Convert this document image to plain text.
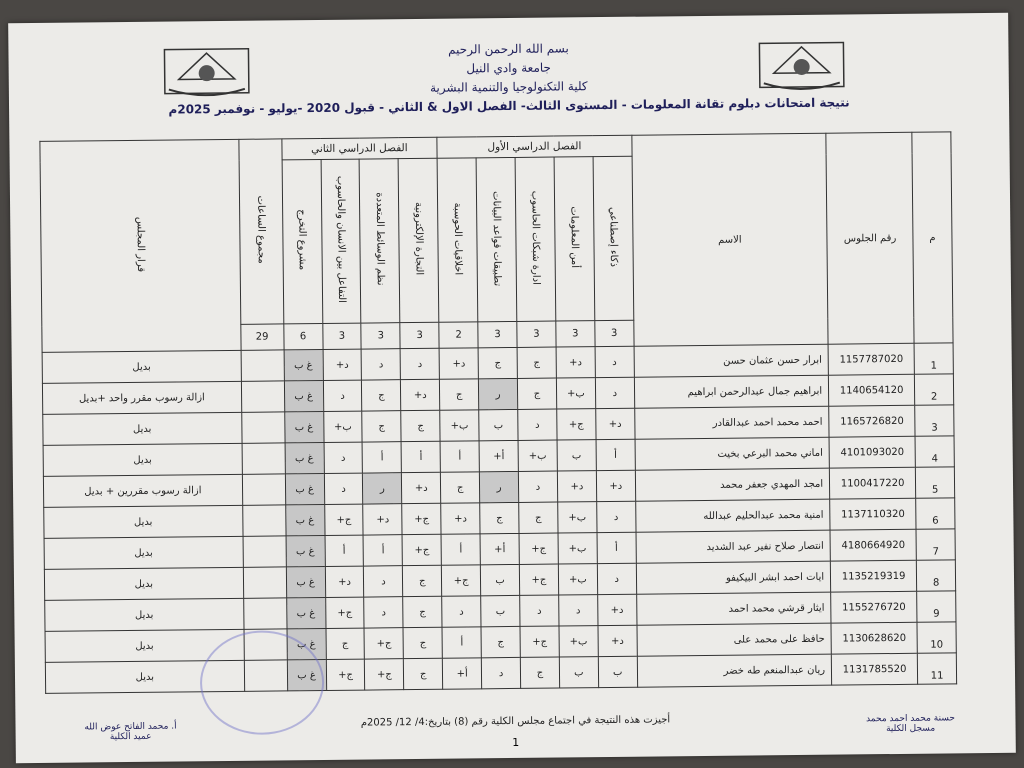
بسم الله الرحمن الرحيم
جامعة وادي النيل
كلية التكنولوجيا والتنمية البشرية
نتيجة امتحانات دبلوم تقانة المعلومات - المستوى الثالث- الفصل الاول & الثاني - قبول 2020 -يوليو - نوفمبر 2025م
م	رقم الجلوس	الاسم	الفصل الدراسي الأول					الفصل الدراسي الثاني				مجموع الساعات	قرار المجلس
			ذكاء إصطناعي	أمن المعلومات	ادارة شبكات الحاسوب	تطبيقات قواعد البيانات	اخلاقيات الحوسبة	التجارة الإلكترونية	نظم الوسائط المتعددة	التفاعل بين الانسان والحاسوب	مشروع التخرج		
			3	3	3	3	2	3	3	3	6	29	
1	1157787020	ابرار حسن عثمان حسن	د	د+	ج	ج	د+	د	د	د+	غ ب		بديل
2	1140654120	ابراهيم جمال عبدالرحمن ابراهيم	د	ب+	ج	ر	ج	د+	ج	د	غ ب		ازالة رسوب مقرر واحد +بديل
3	1165726820	احمد محمد احمد عبدالقادر	د+	ج+	د	ب	ب+	ج	ج	ب+	غ ب		بديل
4	4101093020	اماني محمد البرعي بخيت	أ	ب	ب+	أ+	أ	أ	أ	د	غ ب		بديل
5	1100417220	امجد المهدي جعفر محمد	د+	د+	د	ر	ج	د+	ر	د	غ ب		ازالة رسوب مقررين + بديل
6	1137110320	امنية محمد عبدالحليم عبدالله	د	ب+	ج	ج	د+	ج+	د+	ج+	غ ب		بديل
7	4180664920	انتصار صلاح نفير عبد الشديد	أ	ب+	ج+	أ+	أ	ج+	أ	أ	غ ب		بديل
8	1135219319	ايات احمد ابشر البيكيفو	د	ب+	ج+	ب	ج+	ج	د	د+	غ ب		بديل
9	1155276720	ايثار قرشي محمد احمد	د+	د	د	ب	د	ج	د	ج+	غ ب		بديل
10	1130628620	حافظ على محمد على	د+	ب+	ج+	ج	أ	ج	ج+	ج	غ ب		بديل
11	1131785520	ريان عبدالمنعم طه خضر	ب	ب	ج	د	أ+	ج	ج+	ج+	غ ب		بديل
أ. محمد الفاتح عوض الله
عميد الكلية
حسنة محمد احمد محمد
مسجل الكلية
أجيزت هذه النتيجة في اجتماع مجلس الكلية رقم (8) بتاريخ:4/ 12/ 2025م
1
